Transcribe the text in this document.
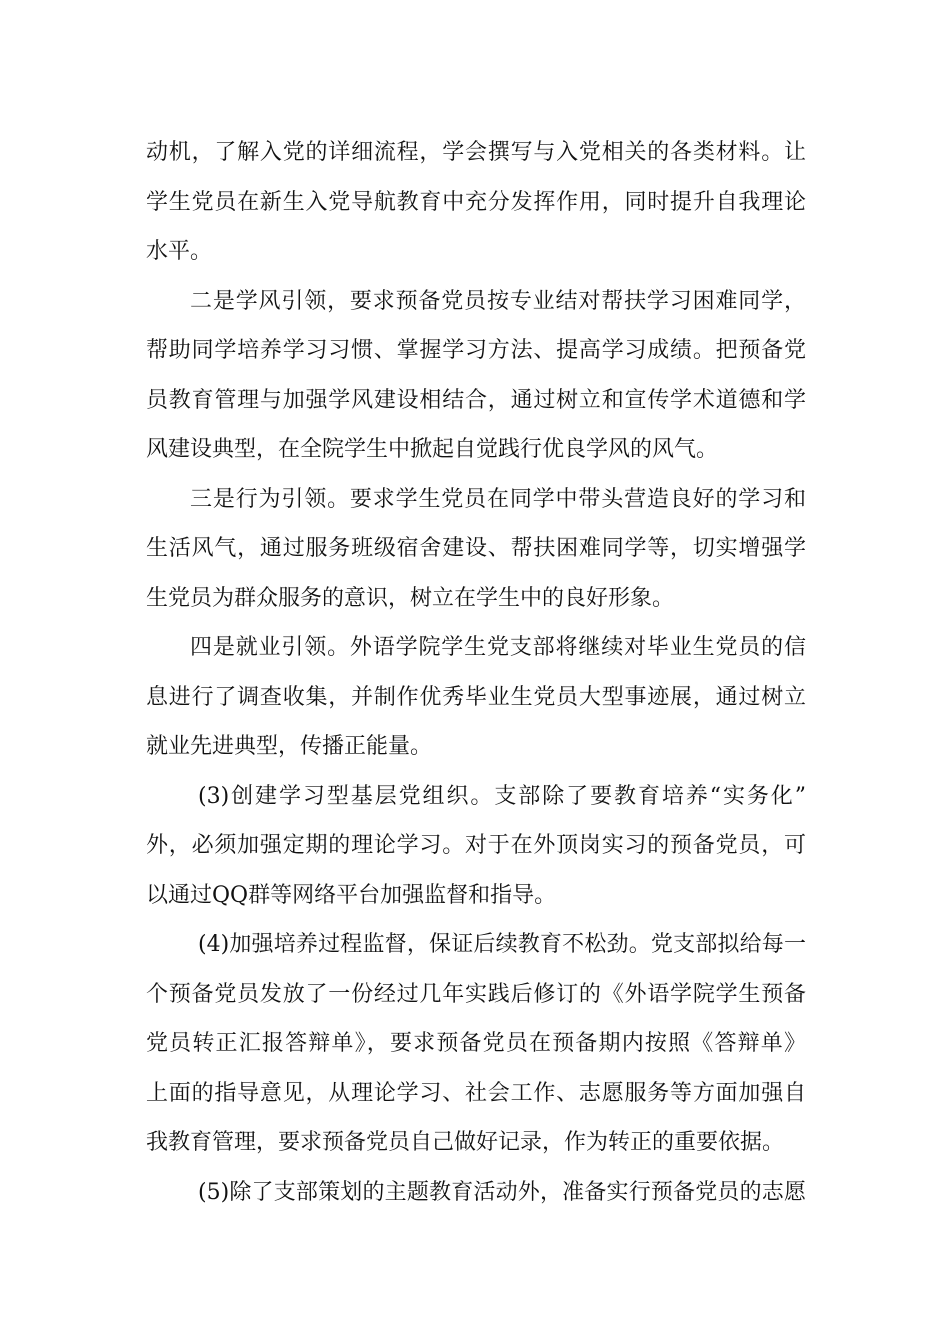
动机，了解入党的详细流程，学会撰写与入党相关的各类材料。让
学生党员在新生入党导航教育中充分发挥作用，同时提升自我理论
水平。
二是学风引领，要求预备党员按专业结对帮扶学习困难同学，
帮助同学培养学习习惯、掌握学习方法、提高学习成绩。把预备党
员教育管理与加强学风建设相结合，通过树立和宣传学术道德和学
风建设典型，在全院学生中掀起自觉践行优良学风的风气。
三是行为引领。要求学生党员在同学中带头营造良好的学习和
生活风气，通过服务班级宿舍建设、帮扶困难同学等，切实增强学
生党员为群众服务的意识，树立在学生中的良好形象。
四是就业引领。外语学院学生党支部将继续对毕业生党员的信
息进行了调查收集，并制作优秀毕业生党员大型事迹展，通过树立
就业先进典型，传播正能量。
(3)创建学习型基层党组织。支部除了要教育培养“实务化”
外，必须加强定期的理论学习。对于在外顶岗实习的预备党员，可
以通过QQ群等网络平台加强监督和指导。
(4)加强培养过程监督，保证后续教育不松劲。党支部拟给每一
个预备党员发放了一份经过几年实践后修订的《外语学院学生预备
党员转正汇报答辩单》，要求预备党员在预备期内按照《答辩单》
上面的指导意见，从理论学习、社会工作、志愿服务等方面加强自
我教育管理，要求预备党员自己做好记录，作为转正的重要依据。
(5)除了支部策划的主题教育活动外，准备实行预备党员的志愿
